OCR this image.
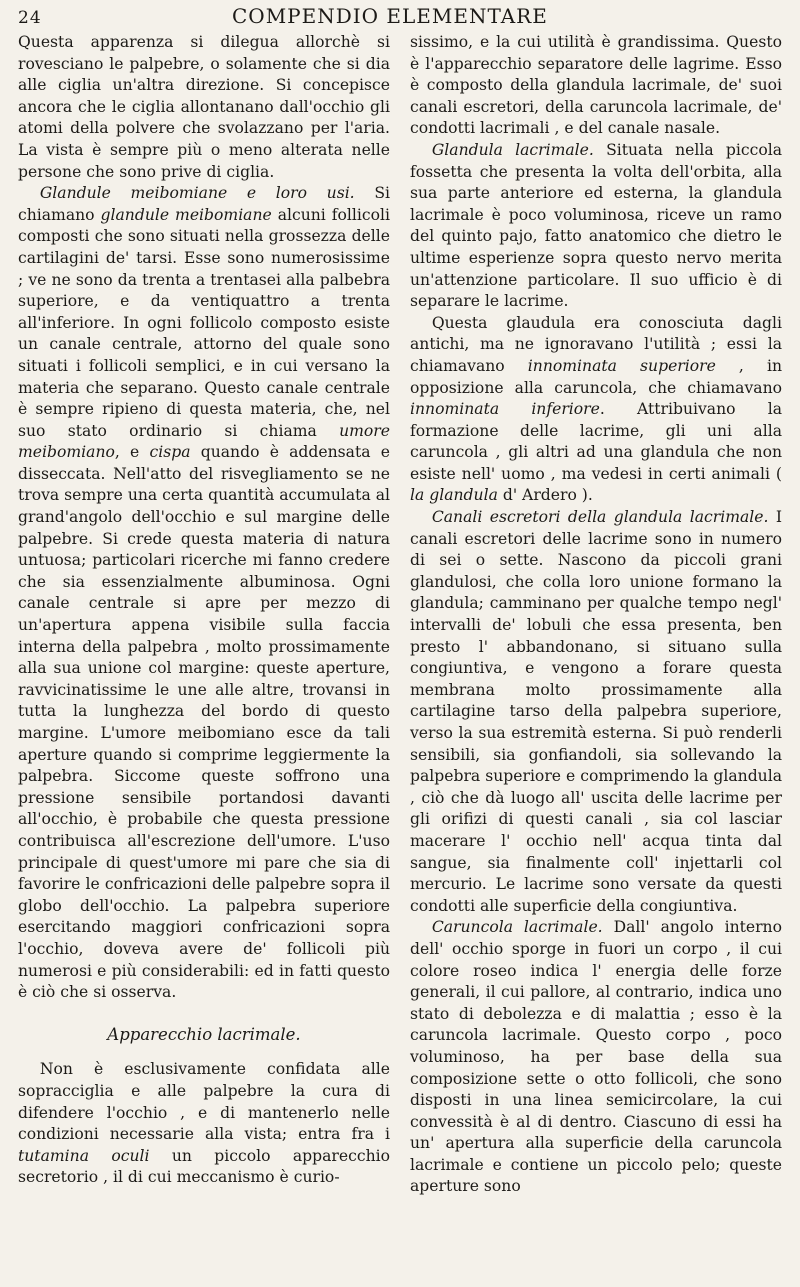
24	COMPENDIO ELEMENTARE

Questa apparenza si dilegua allorchè si rovesciano le palpebre, o solamente che si dia alle ciglia un'altra direzione. Si concepisce ancora che le ciglia allontanano dall'occhio gli atomi della polvere che svolazzano per l'aria. La vista è sempre più o meno alterata nelle persone che sono prive di ciglia.

Glandule meibomiane e loro usi. Si chiamano glandule meibomiane alcuni follicoli composti che sono situati nella grossezza delle cartilagini de' tarsi. Esse sono numerosissime ; ve ne sono da trenta a trentasei alla palbebra superiore, e da ventiquattro a trenta all'inferiore. In ogni follicolo composto esiste un canale centrale, attorno del quale sono situati i follicoli semplici, e in cui versano la materia che separano. Questo canale centrale è sempre ripieno di questa materia, che, nel suo stato ordinario si chiama umore meibomiano, e cispa quando è addensata e disseccata. Nell'atto del risvegliamento se ne trova sempre una certa quantità accumulata al grand'angolo dell'occhio e sul margine delle palpebre. Si crede questa materia di natura untuosa; particolari ricerche mi fanno credere che sia essenzialmente albuminosa. Ogni canale centrale si apre per mezzo di un'apertura appena visibile sulla faccia interna della palpebra , molto prossimamente alla sua unione col margine: queste aperture, ravvicinatissime le une alle altre, trovansi in tutta la lunghezza del bordo di questo margine. L'umore meibomiano esce da tali aperture quando si comprime leggiermente la palpebra. Siccome queste soffrono una pressione sensibile portandosi davanti all'occhio, è probabile che questa pressione contribuisca all'escrezione dell'umore. L'uso principale di quest'umore mi pare che sia di favorire le confricazioni delle palpebre sopra il globo dell'occhio. La palpebra superiore esercitando maggiori confricazioni sopra l'occhio, doveva avere de' follicoli più numerosi e più considerabili: ed in fatti questo è ciò che si osserva.

Apparecchio lacrimale.

Non è esclusivamente confidata alle sopracciglia e alle palpebre la cura di difendere l'occhio , e di mantenerlo nelle condizioni necessarie alla vista; entra fra i tutamina oculi un piccolo apparecchio secretorio , il di cui meccanismo è curio-

sissimo, e la cui utilità è grandissima. Questo è l'apparecchio separatore delle lagrime. Esso è composto della glandula lacrimale, de' suoi canali escretori, della caruncola lacrimale, de' condotti lacrimali , e del canale nasale.

Glandula lacrimale. Situata nella piccola fossetta che presenta la volta dell'orbita, alla sua parte anteriore ed esterna, la glandula lacrimale è poco voluminosa, riceve un ramo del quinto pajo, fatto anatomico che dietro le ultime esperienze sopra questo nervo merita un'attenzione particolare. Il suo ufficio è di separare le lacrime.

Questa glaudula era conosciuta dagli antichi, ma ne ignoravano l'utilità ; essi la chiamavano innominata superiore , in opposizione alla caruncola, che chiamavano innominata inferiore. Attribuivano la formazione delle lacrime, gli uni alla caruncola , gli altri ad una glandula che non esiste nell' uomo , ma vedesi in certi animali ( la glandula d' Ardero ).

Canali escretori della glandula lacrimale. I canali escretori delle lacrime sono in numero di sei o sette. Nascono da piccoli grani glandulosi, che colla loro unione formano la glandula; camminano per qualche tempo negl' intervalli de' lobuli che essa presenta, ben presto l' abbandonano, si situano sulla congiuntiva, e vengono a forare questa membrana molto prossimamente alla cartilagine tarso della palpebra superiore, verso la sua estremità esterna. Si può renderli sensibili, sia gonfiandoli, sia sollevando la palpebra superiore e comprimendo la glandula , ciò che dà luogo all' uscita delle lacrime per gli orifizi di questi canali , sia col lasciar macerare l' occhio nell' acqua tinta dal sangue, sia finalmente coll' injettarli col mercurio. Le lacrime sono versate da questi condotti alle superficie della congiuntiva.

Caruncola lacrimale. Dall' angolo interno dell' occhio sporge in fuori un corpo , il cui colore roseo indica l' energia delle forze generali, il cui pallore, al contrario, indica uno stato di debolezza e di malattia ; esso è la caruncola lacrimale. Questo corpo , poco voluminoso, ha per base della sua composizione sette o otto follicoli, che sono disposti in una linea semicircolare, la cui convessità è al di dentro. Ciascuno di essi ha un' apertura alla superficie della caruncola lacrimale e contiene un piccolo pelo; queste aperture sono
